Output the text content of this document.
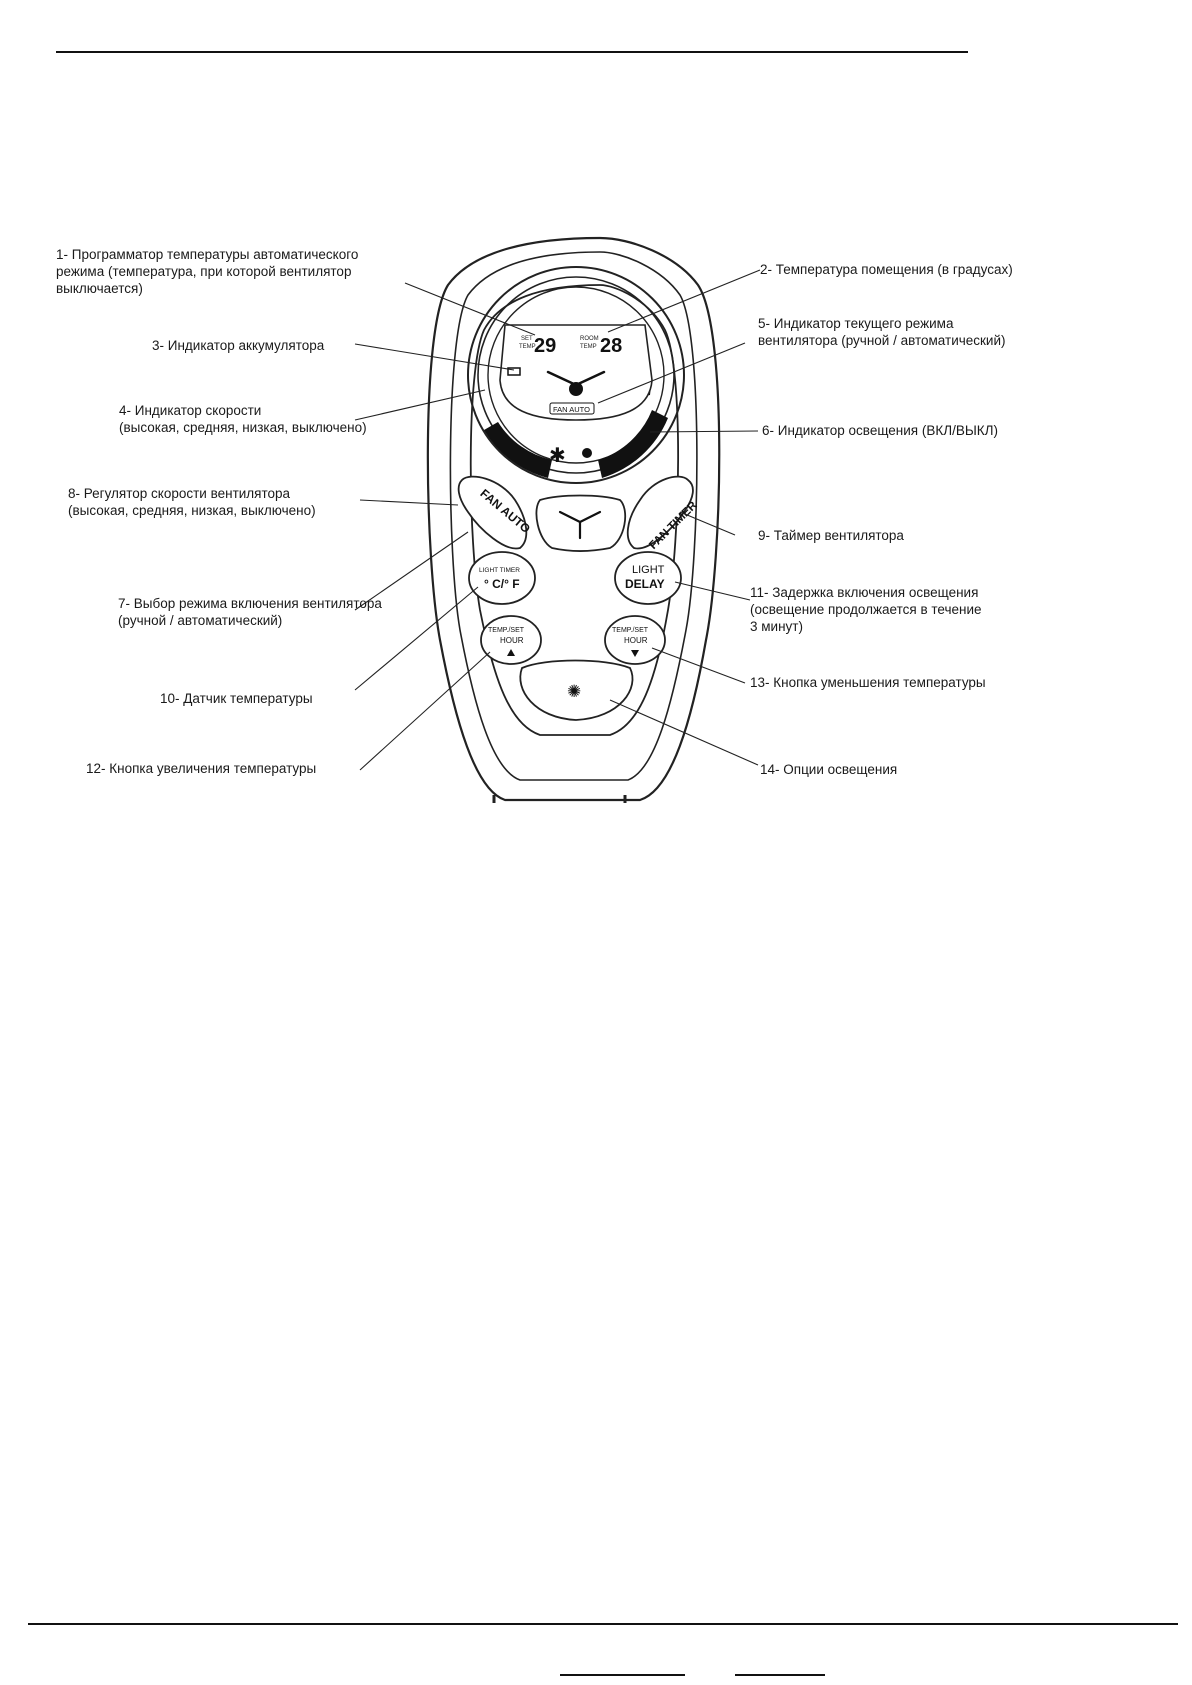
SET
TEMP
29	ROOM
TEMP 28
FAN AUTO
✱
FAN AUTO	FAN TIMER
LIGHT TIMER
° C/° F
LIGHT
DELAY
TEMP./SET
HOUR
TEMP./SET
HOUR
✺
1- Программатор температуры автоматического
режима (температура, при которой вентилятор
выключается)
2- Температура помещения (в градусах)
3- Индикатор аккумулятора
4- Индикатор скорости
(высокая, средняя, низкая, выключено)
5- Индикатор текущего режима
вентилятора (ручной / автоматический)
6- Индикатор освещения (ВКЛ/ВЫКЛ)
7- Выбор режима включения вентилятора
(ручной / автоматический)
8- Регулятор скорости вентилятора
(высокая, средняя, низкая, выключено)
9- Таймер вентилятора
10- Датчик температуры
11- Задержка включения освещения
(освещение продолжается в течение
3 минут)
12- Кнопка увеличения температуры
13- Кнопка уменьшения температуры
14- Опции освещения
